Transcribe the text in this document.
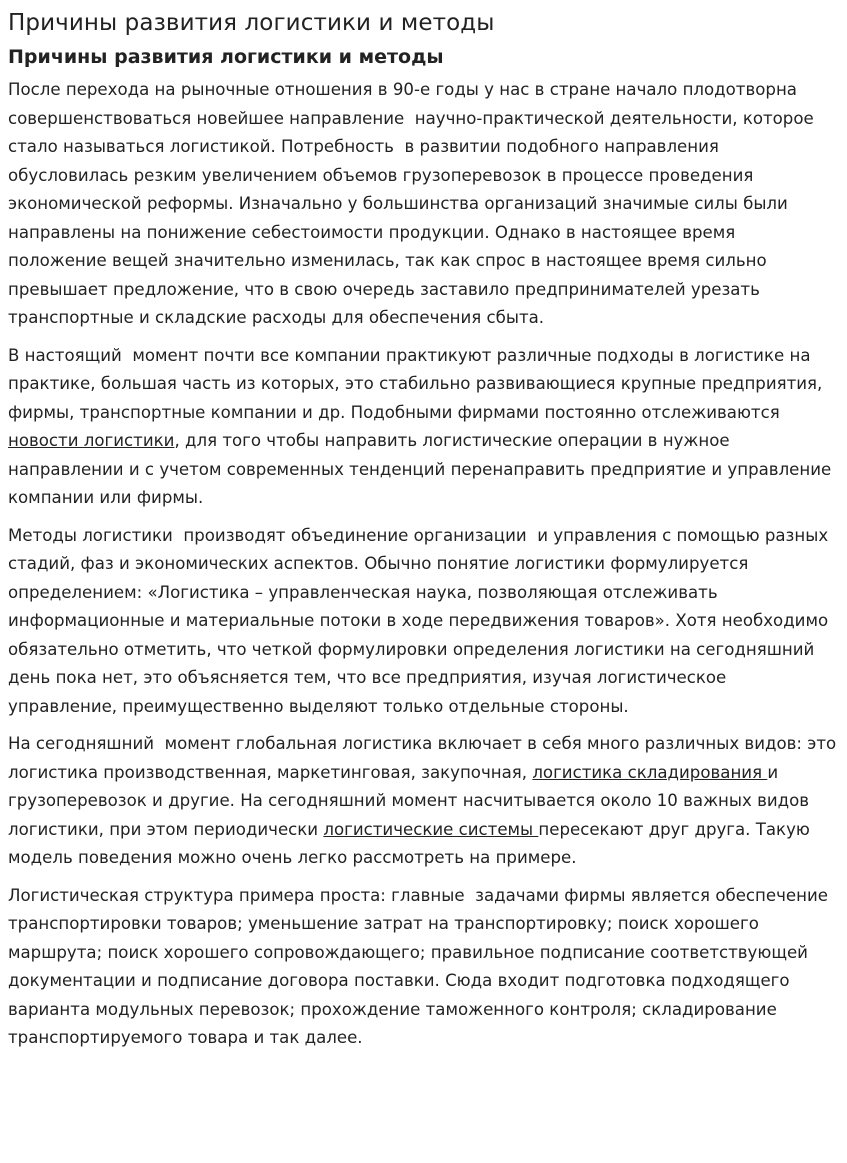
Причины развития логистики и методы
Причины развития логистики и методы

После перехода на рыночные отношения в 90-е годы у нас в стране начало плодотворна  совершенствоваться новейшее направление  научно-практической деятельности, которое  стало называться логистикой. Потребность  в развитии подобного направления обусловилась резким увеличением объемов грузоперевозок в процессе проведения экономической реформы. Изначально у большинства организаций значимые силы были направлены на понижение себестоимости продукции. Однако в настоящее время положение вещей значительно изменилась, так как спрос в настоящее время сильно превышает предложение, что в свою очередь заставило предпринимателей урезать транспортные и складские расходы для обеспечения сбыта.

В настоящий  момент почти все компании практикуют различные подходы в логистике на практике, большая часть из которых, это стабильно развивающиеся крупные предприятия, фирмы, транспортные компании и др. Подобными фирмами постоянно отслеживаются новости логистики, для того чтобы направить логистические операции в нужное направлении и с учетом современных тенденций перенаправить предприятие и управление компании или фирмы.

Методы логистики  производят объединение организации  и управления с помощью разных стадий, фаз и экономических аспектов. Обычно понятие логистики формулируется определением: «Логистика – управленческая наука, позволяющая отслеживать информационные и материальные потоки в ходе передвижения товаров». Хотя необходимо обязательно отметить, что четкой формулировки определения логистики на сегодняшний день пока нет, это объясняется тем, что все предприятия, изучая логистическое управление, преимущественно выделяют только отдельные стороны.

На сегодняшний  момент глобальная логистика включает в себя много различных видов: это логистика производственная, маркетинговая, закупочная, логистика складирования и грузоперевозок и другие. На сегодняшний момент насчитывается около 10 важных видов логистики, при этом периодически логистические системы пересекают друг друга. Такую модель поведения можно очень легко рассмотреть на примере.

Логистическая структура примера проста: главные  задачами фирмы является обеспечение  транспортировки товаров; уменьшение затрат на транспортировку; поиск хорошего маршрута; поиск хорошего сопровождающего; правильное подписание соответствующей документации и подписание договора поставки. Сюда входит подготовка подходящего варианта модульных перевозок; прохождение таможенного контроля; складирование транспортируемого товара и так далее.
